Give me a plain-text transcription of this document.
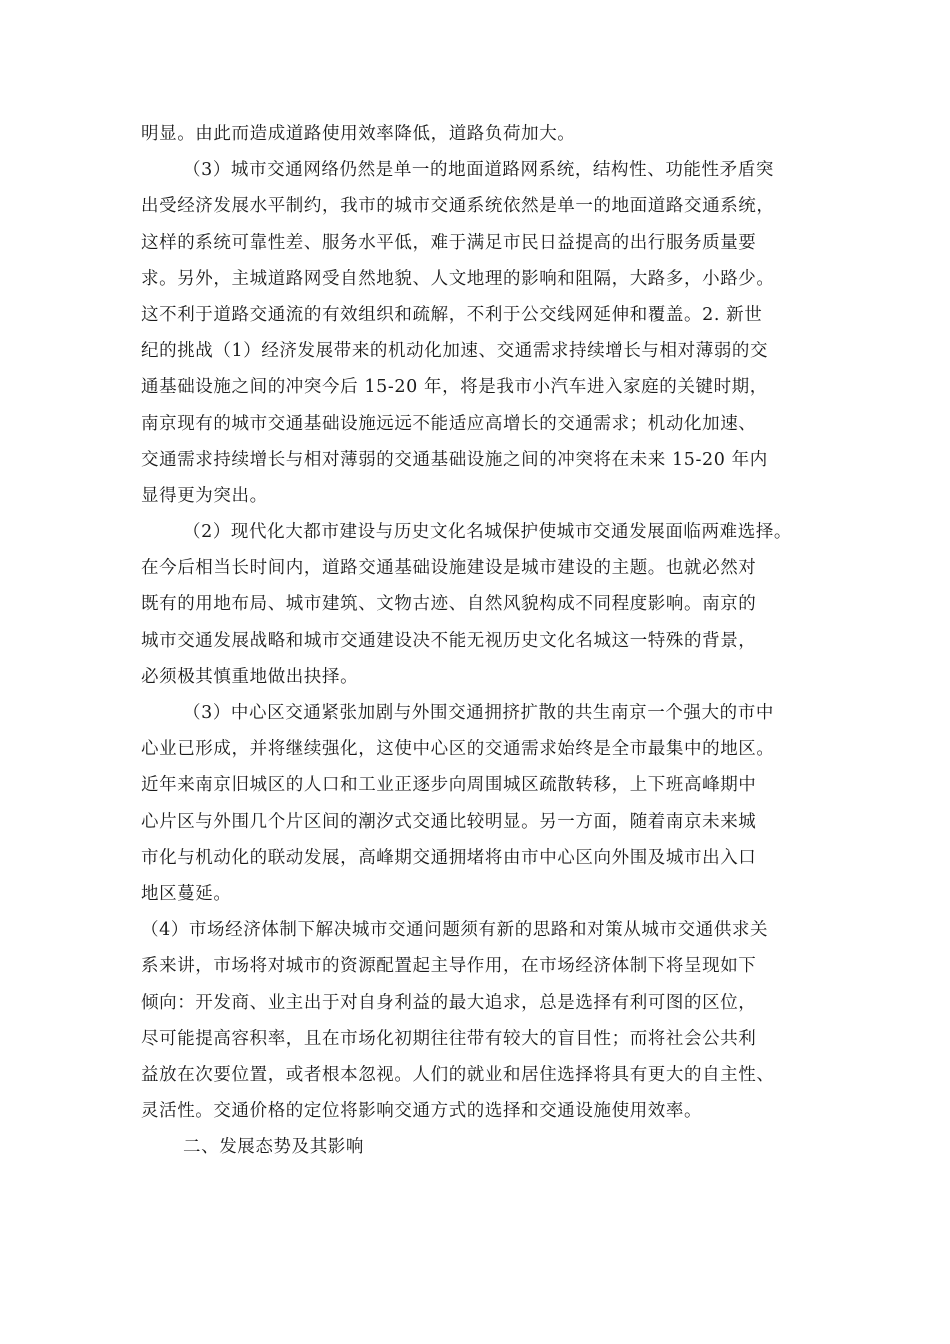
明显。由此而造成道路使用效率降低，道路负荷加大。
（3）城市交通网络仍然是单一的地面道路网系统，结构性、功能性矛盾突
出受经济发展水平制约，我市的城市交通系统依然是单一的地面道路交通系统，
这样的系统可靠性差、服务水平低，难于满足市民日益提高的出行服务质量要
求。另外，主城道路网受自然地貌、人文地理的影响和阻隔，大路多，小路少。
这不利于道路交通流的有效组织和疏解，不利于公交线网延伸和覆盖。2. 新世
纪的挑战（1）经济发展带来的机动化加速、交通需求持续增长与相对薄弱的交
通基础设施之间的冲突今后 15-20 年，将是我市小汽车进入家庭的关键时期，
南京现有的城市交通基础设施远远不能适应高增长的交通需求；机动化加速、
交通需求持续增长与相对薄弱的交通基础设施之间的冲突将在未来 15-20 年内
显得更为突出。
（2）现代化大都市建设与历史文化名城保护使城市交通发展面临两难选择。
在今后相当长时间内，道路交通基础设施建设是城市建设的主题。也就必然对
既有的用地布局、城市建筑、文物古迹、自然风貌构成不同程度影响。南京的
城市交通发展战略和城市交通建设决不能无视历史文化名城这一特殊的背景，
必须极其慎重地做出抉择。
（3）中心区交通紧张加剧与外围交通拥挤扩散的共生南京一个强大的市中
心业已形成，并将继续强化，这使中心区的交通需求始终是全市最集中的地区。
近年来南京旧城区的人口和工业正逐步向周围城区疏散转移，上下班高峰期中
心片区与外围几个片区间的潮汐式交通比较明显。另一方面，随着南京未来城
市化与机动化的联动发展，高峰期交通拥堵将由市中心区向外围及城市出入口
地区蔓延。
（4）市场经济体制下解决城市交通问题须有新的思路和对策从城市交通供求关
系来讲，市场将对城市的资源配置起主导作用，在市场经济体制下将呈现如下
倾向：开发商、业主出于对自身利益的最大追求，总是选择有利可图的区位，
尽可能提高容积率，且在市场化初期往往带有较大的盲目性；而将社会公共利
益放在次要位置，或者根本忽视。人们的就业和居住选择将具有更大的自主性、
灵活性。交通价格的定位将影响交通方式的选择和交通设施使用效率。
二、发展态势及其影响
